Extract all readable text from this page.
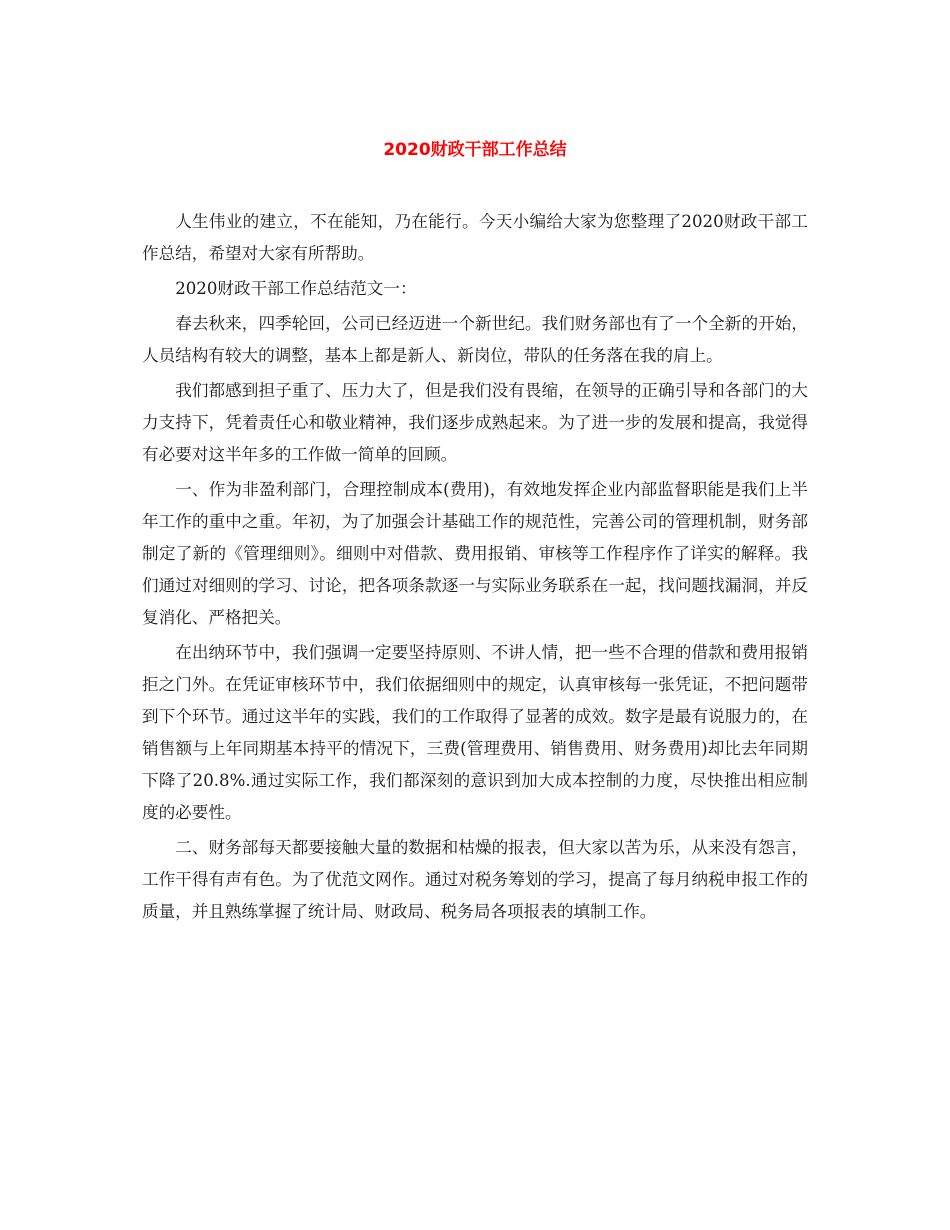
2020财政干部工作总结

人生伟业的建立，不在能知，乃在能行。今天小编给大家为您整理了2020财政干部工作总结，希望对大家有所帮助。

2020财政干部工作总结范文一：

春去秋来，四季轮回，公司已经迈进一个新世纪。我们财务部也有了一个全新的开始，人员结构有较大的调整，基本上都是新人、新岗位，带队的任务落在我的肩上。

我们都感到担子重了、压力大了，但是我们没有畏缩，在领导的正确引导和各部门的大力支持下，凭着责任心和敬业精神，我们逐步成熟起来。为了进一步的发展和提高，我觉得有必要对这半年多的工作做一简单的回顾。

一、作为非盈利部门，合理控制成本(费用)，有效地发挥企业内部监督职能是我们上半年工作的重中之重。年初，为了加强会计基础工作的规范性，完善公司的管理机制，财务部制定了新的《管理细则》。细则中对借款、费用报销、审核等工作程序作了详实的解释。我们通过对细则的学习、讨论，把各项条款逐一与实际业务联系在一起，找问题找漏洞，并反复消化、严格把关。

在出纳环节中，我们强调一定要坚持原则、不讲人情，把一些不合理的借款和费用报销拒之门外。在凭证审核环节中，我们依据细则中的规定，认真审核每一张凭证，不把问题带到下个环节。通过这半年的实践，我们的工作取得了显著的成效。数字是最有说服力的，在销售额与上年同期基本持平的情况下，三费(管理费用、销售费用、财务费用)却比去年同期下降了20.8%.通过实际工作，我们都深刻的意识到加大成本控制的力度，尽快推出相应制度的必要性。

二、财务部每天都要接触大量的数据和枯燥的报表，但大家以苦为乐，从来没有怨言，工作干得有声有色。为了优范文网作。通过对税务筹划的学习，提高了每月纳税申报工作的质量，并且熟练掌握了统计局、财政局、税务局各项报表的填制工作。
